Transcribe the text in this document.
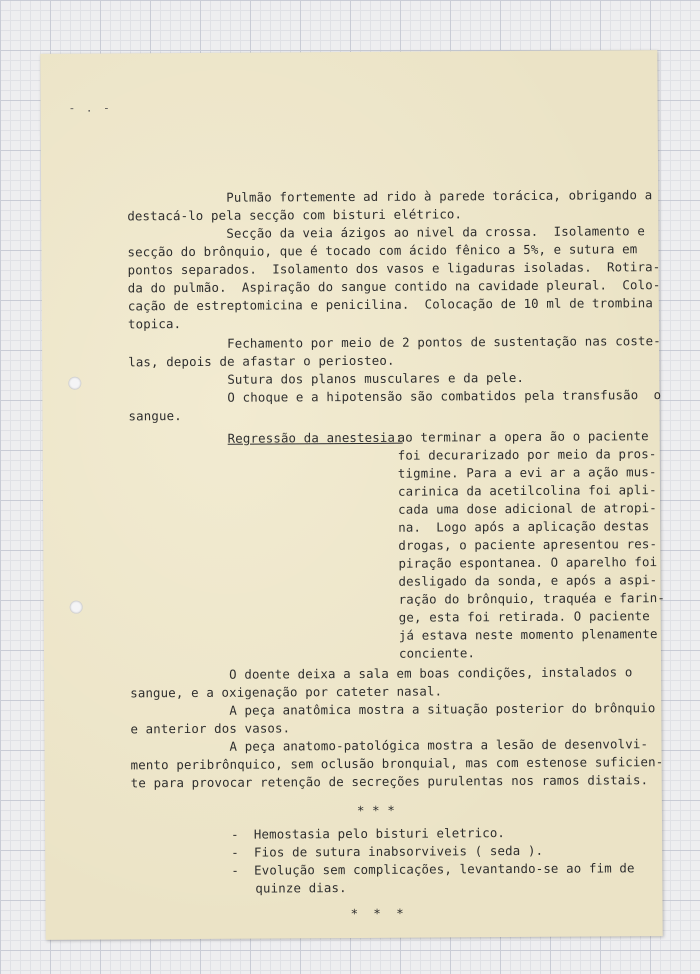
- . -
Pulmão fortemente ad rido à parede torácica, obrigando a
destacá-lo pela secção com bisturi elétrico.
Secção da veia ázigos ao nivel da crossa.  Isolamento e
secção do brônquio, que é tocado com ácido fênico a 5%, e sutura em
pontos separados.  Isolamento dos vasos e ligaduras isoladas.  Rotira-
da do pulmão.  Aspiração do sangue contido na cavidade pleural.  Colo-
cação de estreptomicina e penicilina.  Colocação de 10 ml de trombina
topica.
Fechamento por meio de 2 pontos de sustentação nas coste-
las, depois de afastar o periosteo.
Sutura dos planos musculares e da pele.
O choque e a hipotensão são combatidos pela transfusão  o
sangue.
Regressão da anestesia:
ao terminar a opera ão o paciente
foi decurarizado por meio da pros-
tigmine. Para a evi ar a ação mus-
carinica da acetilcolina foi apli-
cada uma dose adicional de atropi-
na.  Logo após a aplicação destas
drogas, o paciente apresentou res-
piração espontanea. O aparelho foi
desligado da sonda, e após a aspi-
ração do brônquio, traquéa e farin-
ge, esta foi retirada. O paciente
já estava neste momento plenamente
conciente.
O doente deixa a sala em boas condições, instalados o
sangue, e a oxigenação por cateter nasal.
A peça anatômica mostra a situação posterior do brônquio
e anterior dos vasos.
A peça anatomo-patológica mostra a lesão de desenvolvi-
mento peribrônquico, sem oclusão bronquial, mas com estenose suficien-
te para provocar retenção de secreções purulentas nos ramos distais.
* * *
-  Hemostasia pelo bisturi eletrico.
-  Fios de sutura inabsorviveis ( seda ).
-  Evolução sem complicações, levantando-se ao fim de
quinze dias.
*  *  *
